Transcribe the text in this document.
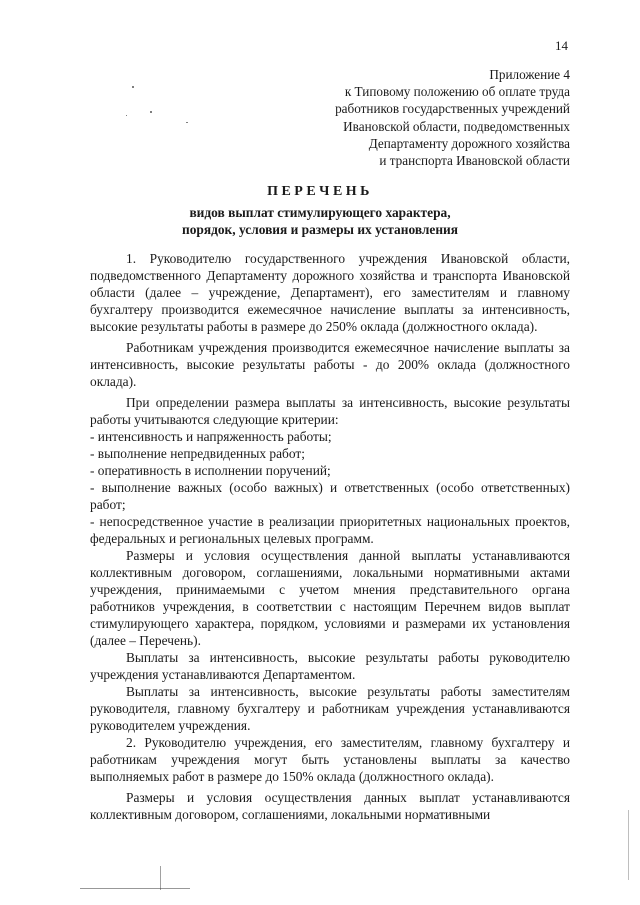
14
Приложение 4
к Типовому положению об оплате труда
работников государственных учреждений
Ивановской области, подведомственных
Департаменту дорожного хозяйства
и транспорта Ивановской области
ПЕРЕЧЕНЬ
видов выплат стимулирующего характера,
порядок, условия и размеры их установления

1. Руководителю государственного учреждения Ивановской области, подведомственного Департаменту дорожного хозяйства и транспорта Ивановской области (далее – учреждение, Департамент), его заместителям и главному бухгалтеру производится ежемесячное начисление выплаты за интенсивность, высокие результаты работы в размере до 250% оклада (должностного оклада).

Работникам учреждения производится ежемесячное начисление выплаты за интенсивность, высокие результаты работы - до 200% оклада (должностного оклада).

При определении размера выплаты за интенсивность, высокие результаты работы учитываются следующие критерии:

- интенсивность и напряженность работы;

- выполнение непредвиденных работ;

- оперативность в исполнении поручений;

- выполнение важных (особо важных) и ответственных (особо ответственных) работ;

- непосредственное участие в реализации приоритетных национальных проектов, федеральных и региональных целевых программ.

Размеры и условия осуществления данной выплаты устанавливаются коллективным договором, соглашениями, локальными нормативными актами учреждения, принимаемыми с учетом мнения представительного органа работников учреждения, в соответствии с настоящим Перечнем видов выплат стимулирующего характера, порядком, условиями и размерами их установления (далее – Перечень).

Выплаты за интенсивность, высокие результаты работы руководителю учреждения устанавливаются Департаментом.

Выплаты за интенсивность, высокие результаты работы заместителям руководителя, главному бухгалтеру и работникам учреждения устанавливаются руководителем учреждения.

2. Руководителю учреждения, его заместителям, главному бухгалтеру и работникам учреждения могут быть установлены выплаты за качество выполняемых работ в размере до 150% оклада (должностного оклада).

Размеры и условия осуществления данных выплат устанавливаются коллективным договором, соглашениями, локальными нормативными
